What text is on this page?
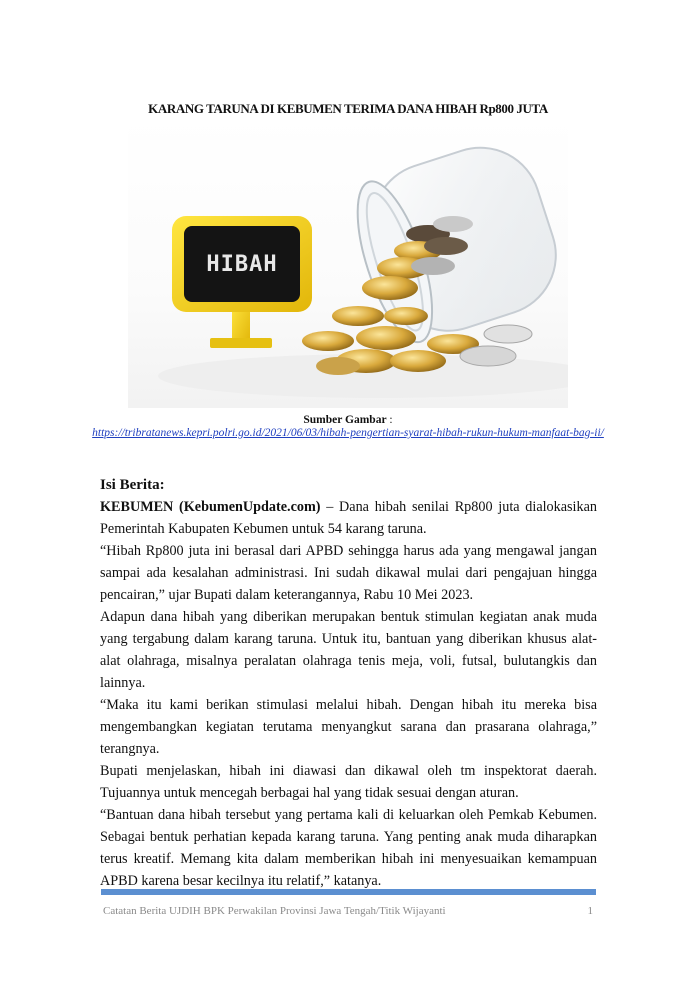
KARANG TARUNA DI KEBUMEN TERIMA DANA HIBAH Rp800 JUTA
HIBAH
Sumber Gambar :
https://tribratanews.kepri.polri.go.id/2021/06/03/hibah-pengertian-syarat-hibah-rukun-hukum-manfaat-bag-ii/
Isi Berita:

KEBUMEN (KebumenUpdate.com) – Dana hibah senilai Rp800 juta dialokasikan Pemerintah Kabupaten Kebumen untuk 54 karang taruna.

“Hibah Rp800 juta ini berasal dari APBD sehingga harus ada yang mengawal jangan sampai ada kesalahan administrasi. Ini sudah dikawal mulai dari pengajuan hingga pencairan,” ujar Bupati dalam keterangannya, Rabu 10 Mei 2023.

Adapun dana hibah yang diberikan merupakan bentuk stimulan kegiatan anak muda yang tergabung dalam karang taruna. Untuk itu, bantuan yang diberikan khusus alat-alat olahraga, misalnya peralatan olahraga tenis meja, voli, futsal, bulutangkis dan lainnya.

“Maka itu kami berikan stimulasi melalui hibah. Dengan hibah itu mereka bisa mengembangkan kegiatan terutama menyangkut sarana dan prasarana olahraga,” terangnya.

Bupati menjelaskan, hibah ini diawasi dan dikawal oleh tm inspektorat daerah. Tujuannya untuk mencegah berbagai hal yang tidak sesuai dengan aturan.

“Bantuan dana hibah tersebut yang pertama kali di keluarkan oleh Pemkab Kebumen. Sebagai bentuk perhatian kepada karang taruna. Yang penting anak muda diharapkan terus kreatif. Memang kita dalam memberikan hibah ini menyesuaikan kemampuan APBD karena besar kecilnya itu relatif,” katanya.

Catatan Berita UJDIH BPK Perwakilan Provinsi Jawa Tengah/Titik Wijayanti	1
